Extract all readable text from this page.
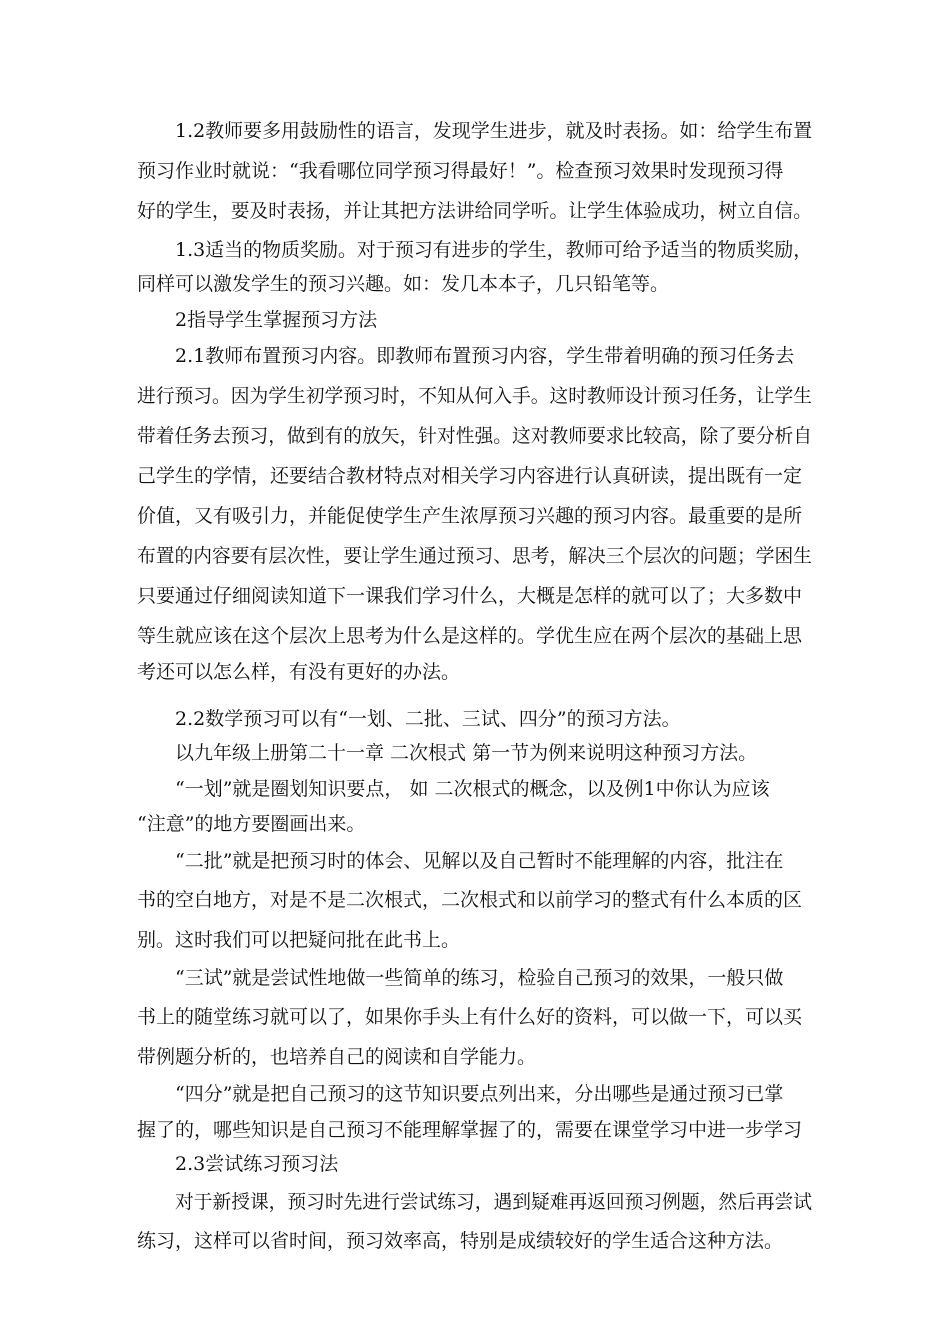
1.2教师要多用鼓励性的语言，发现学生进步，就及时表扬。如：给学生布置
预习作业时就说：“我看哪位同学预习得最好！”。检查预习效果时发现预习得
好的学生，要及时表扬，并让其把方法讲给同学听。让学生体验成功，树立自信。
1.3适当的物质奖励。对于预习有进步的学生，教师可给予适当的物质奖励，
同样可以激发学生的预习兴趣。如：发几本本子，几只铅笔等。
2指导学生掌握预习方法
2.1教师布置预习内容。即教师布置预习内容，学生带着明确的预习任务去
进行预习。因为学生初学预习时，不知从何入手。这时教师设计预习任务，让学生
带着任务去预习，做到有的放矢，针对性强。这对教师要求比较高，除了要分析自
己学生的学情，还要结合教材特点对相关学习内容进行认真研读，提出既有一定
价值，又有吸引力，并能促使学生产生浓厚预习兴趣的预习内容。最重要的是所
布置的内容要有层次性，要让学生通过预习、思考，解决三个层次的问题；学困生
只要通过仔细阅读知道下一课我们学习什么，大概是怎样的就可以了；大多数中
等生就应该在这个层次上思考为什么是这样的。学优生应在两个层次的基础上思
考还可以怎么样，有没有更好的办法。
2.2数学预习可以有“一划、二批、三试、四分”的预习方法。
以九年级上册第二十一章 二次根式 第一节为例来说明这种预习方法。
“一划”就是圈划知识要点， 如 二次根式的概念，以及例1中你认为应该
“注意”的地方要圈画出来。
“二批”就是把预习时的体会、见解以及自己暂时不能理解的内容，批注在
书的空白地方，对是不是二次根式，二次根式和以前学习的整式有什么本质的区
别。这时我们可以把疑问批在此书上。
“三试”就是尝试性地做一些简单的练习，检验自己预习的效果，一般只做
书上的随堂练习就可以了，如果你手头上有什么好的资料，可以做一下，可以买
带例题分析的，也培养自己的阅读和自学能力。
“四分”就是把自己预习的这节知识要点列出来，分出哪些是通过预习已掌
握了的，哪些知识是自己预习不能理解掌握了的，需要在课堂学习中进一步学习
2.3尝试练习预习法
对于新授课，预习时先进行尝试练习，遇到疑难再返回预习例题，然后再尝试
练习，这样可以省时间，预习效率高，特别是成绩较好的学生适合这种方法。
